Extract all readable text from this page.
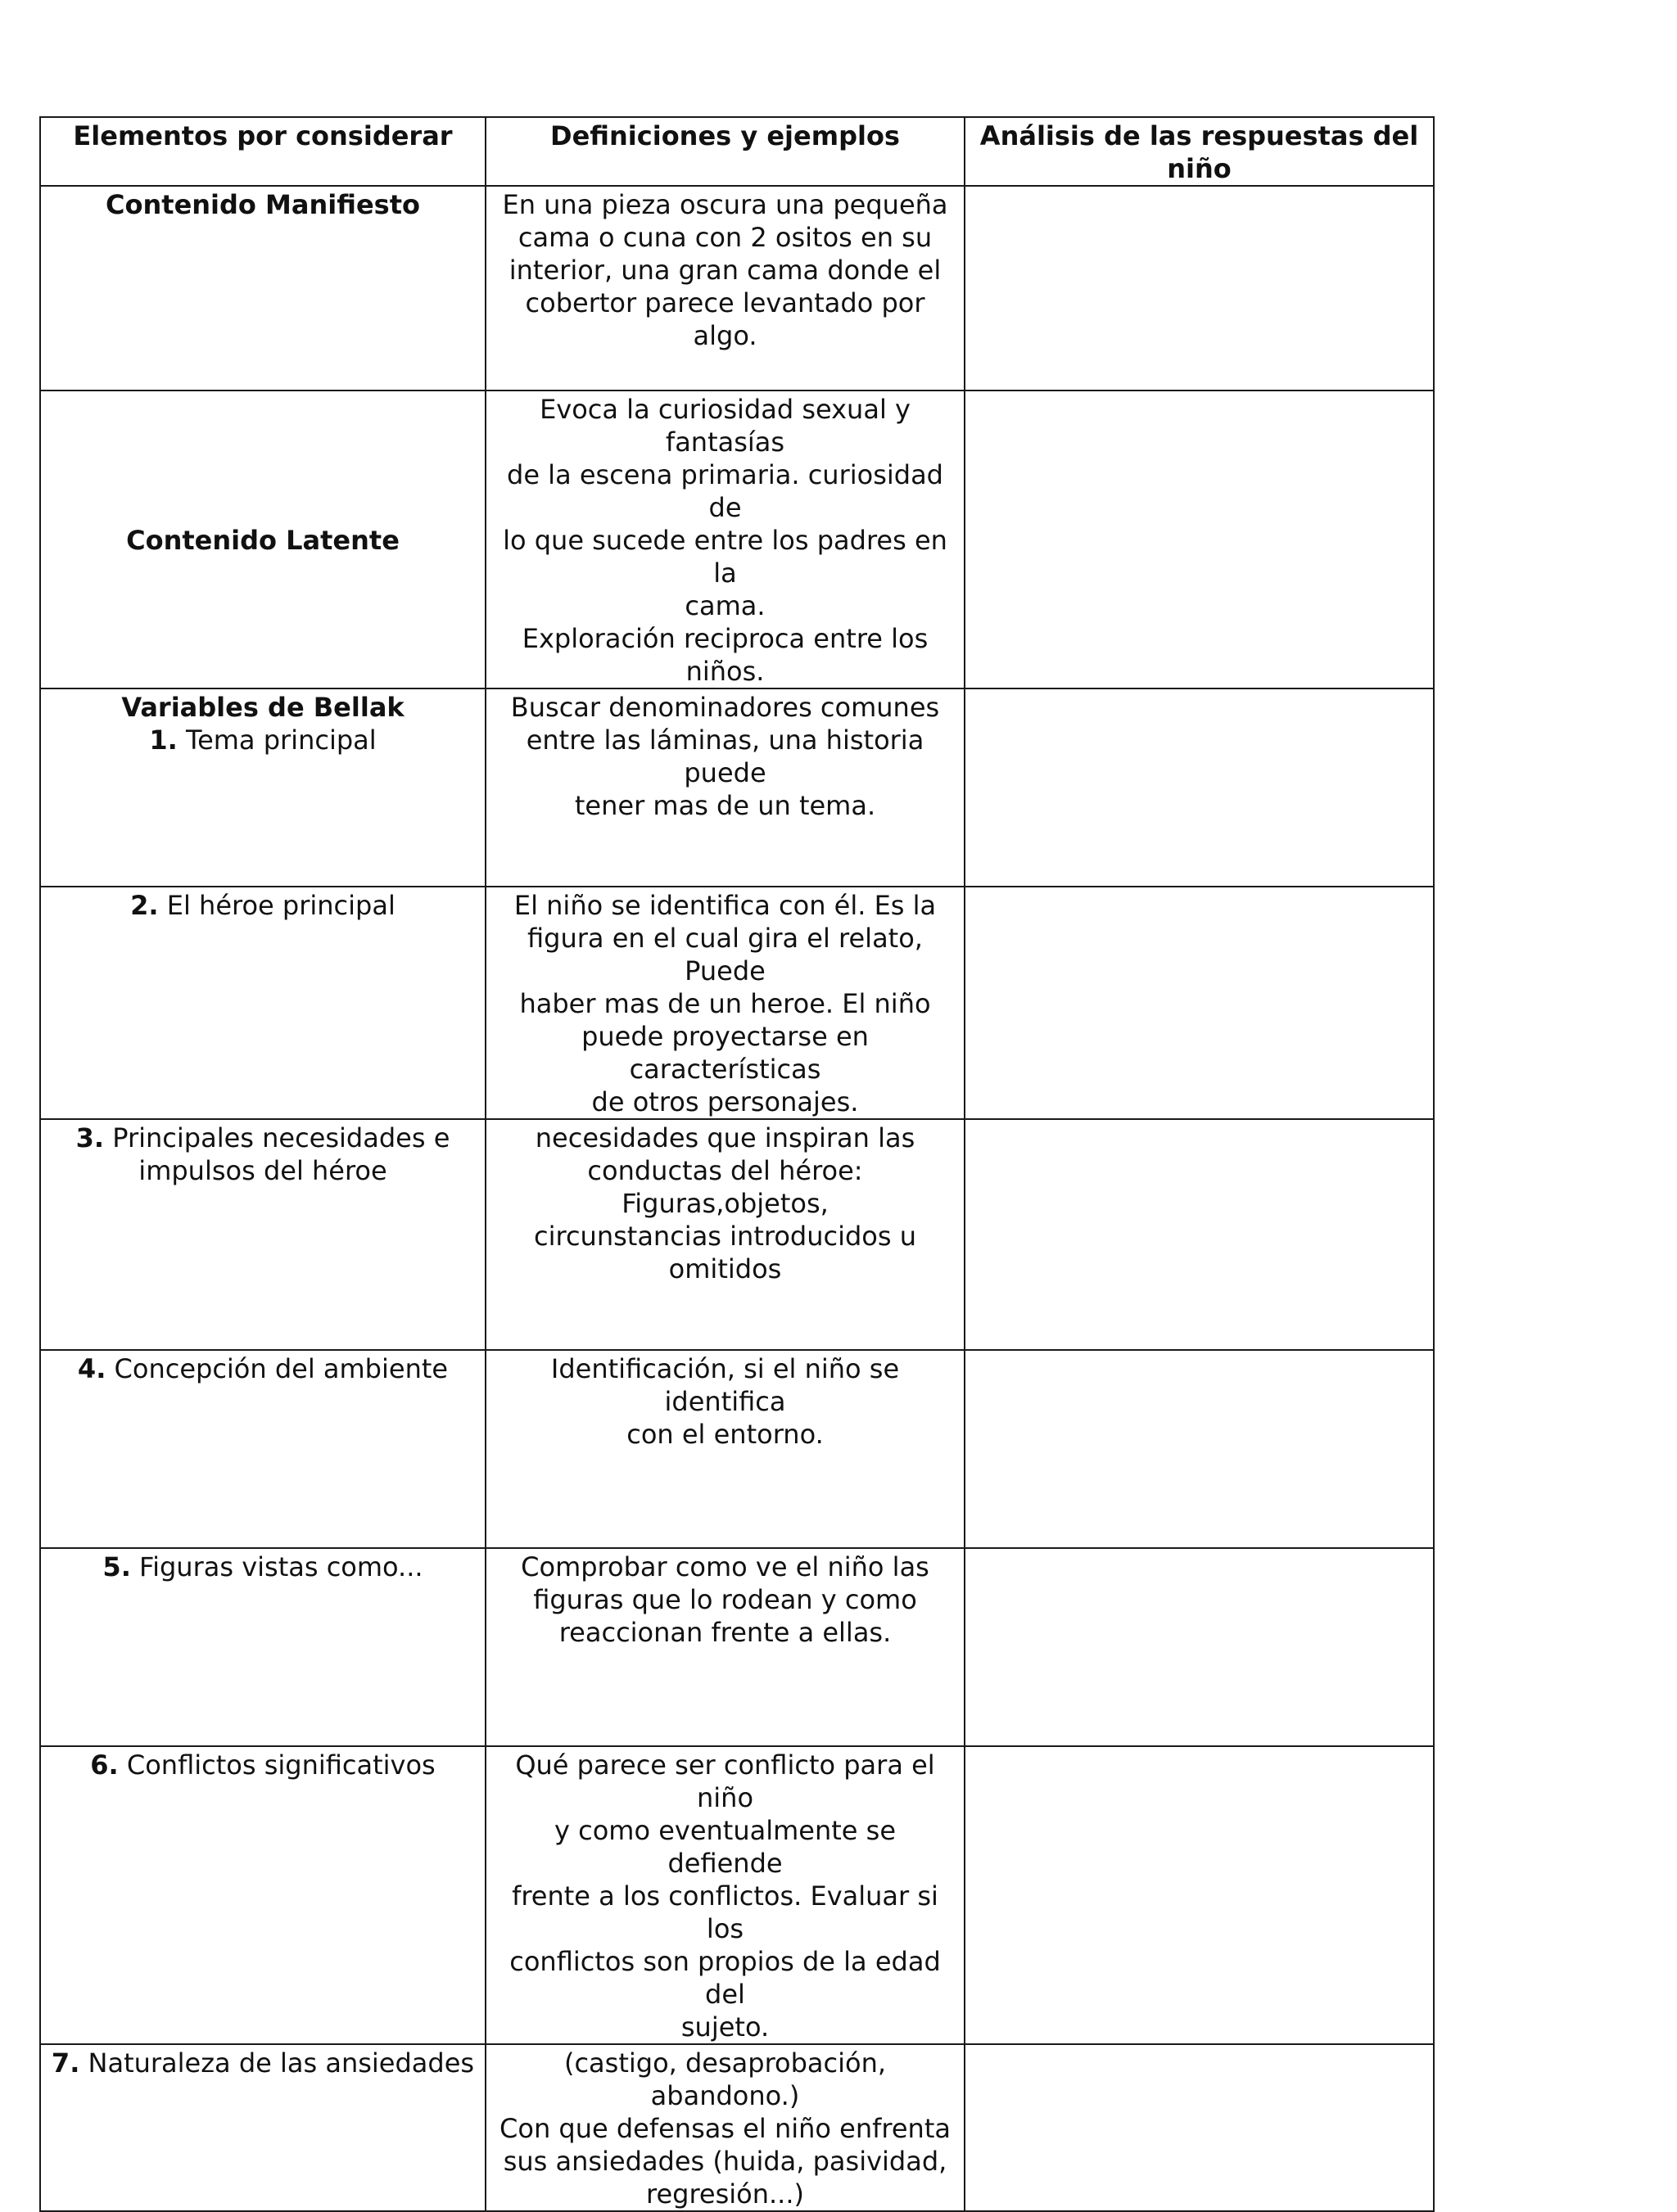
Elementos por considerar	Definiciones y ejemplos	Análisis de las respuestas del niño
Contenido Manifiesto	En una pieza oscura una pequeña
cama o cuna con 2 ositos en su
interior, una gran cama donde el
cobertor parece levantado por algo.	

Contenido Latente	Evoca la curiosidad sexual y fantasías
de la escena primaria. curiosidad de
lo que sucede entre los padres en la
cama.
Exploración reciproca entre los niños.	

Variables de Bellak
1. Tema principal	Buscar denominadores comunes
entre las láminas, una historia puede
tener mas de un tema.	

2. El héroe principal	El niño se identifica con él. Es la
figura en el cual gira el relato, Puede
haber mas de un heroe. El niño
puede proyectarse en características
de otros personajes.	

3. Principales necesidades e
impulsos del héroe	necesidades que inspiran las
conductas del héroe: Figuras,objetos,
circunstancias introducidos u
omitidos	

4. Concepción del ambiente	Identificación, si el niño se identifica
con el entorno.	

5. Figuras vistas como...	Comprobar como ve el niño las
figuras que lo rodean y como
reaccionan frente a ellas.	

6. Conflictos significativos	Qué parece ser conflicto para el niño
y como eventualmente se defiende
frente a los conflictos. Evaluar si los
conflictos son propios de la edad del
sujeto.	

7. Naturaleza de las ansiedades	(castigo, desaprobación, abandono.)
Con que defensas el niño enfrenta
sus ansiedades (huida, pasividad,
regresión...)	
